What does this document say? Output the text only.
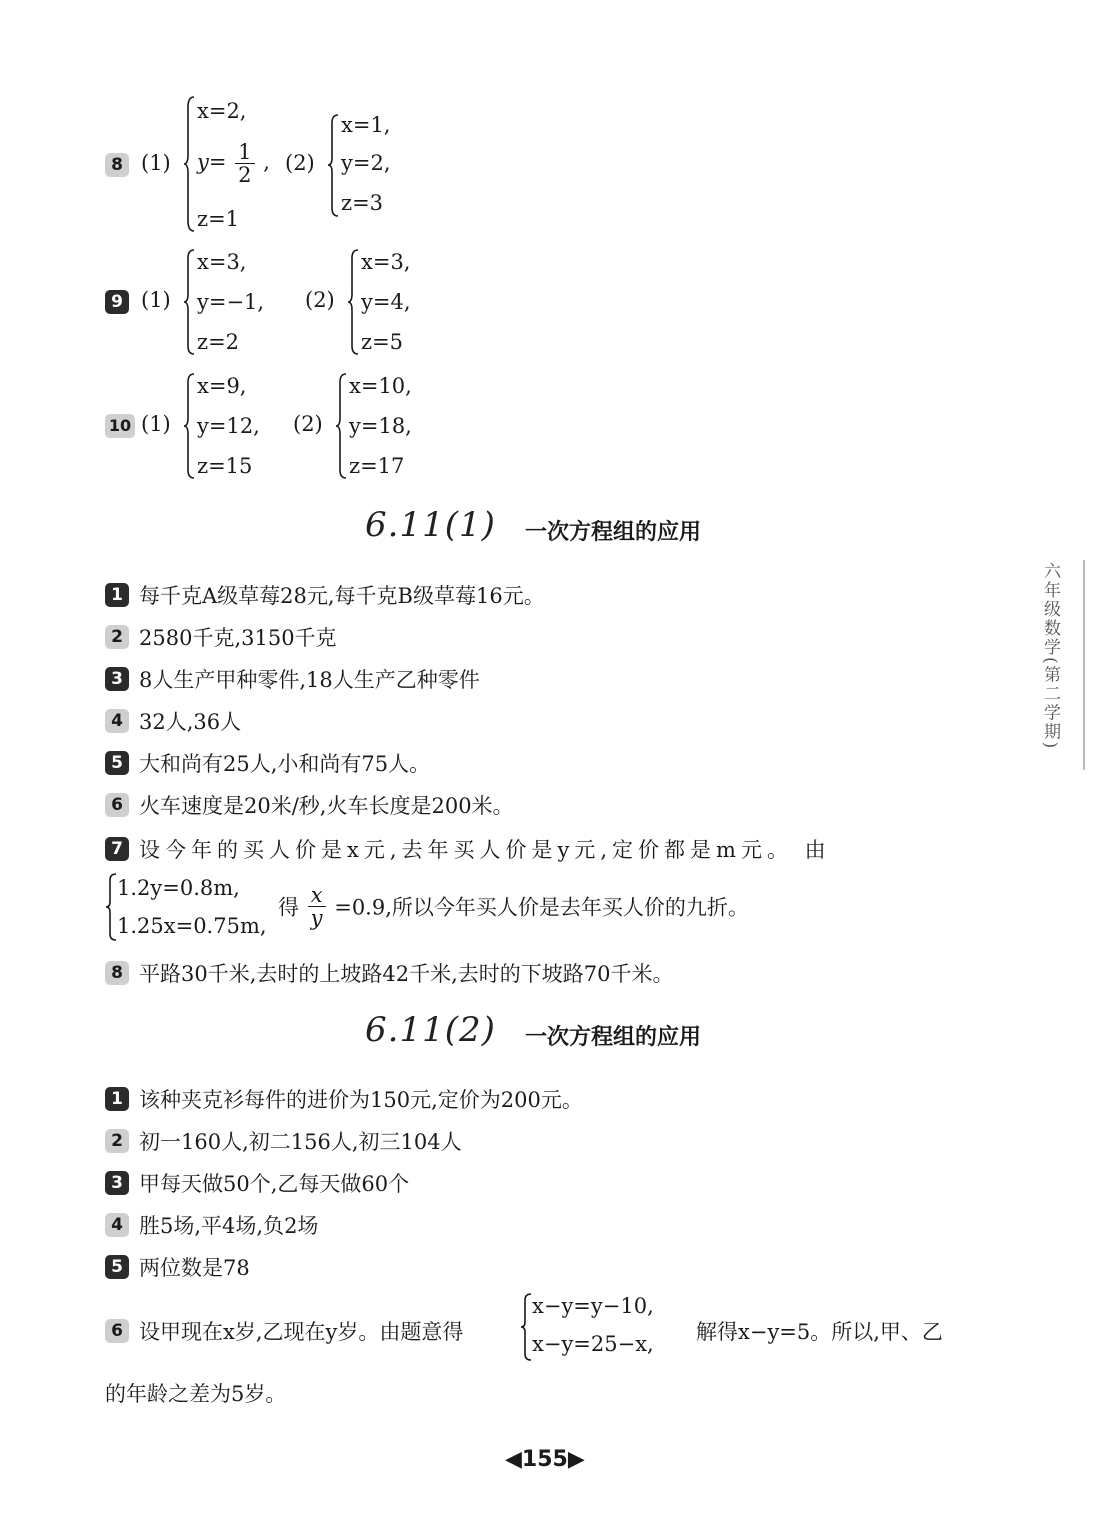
8 (1)
x=2,
$y= \frac{1}{2}$ ,
z=1
(2)
x=1,
y=2,
z=3
9 (1)
x=3,
y=−1,
z=2
(2)
x=3,
y=4,
z=5
10 (1)
x=9,
y=12,
z=15
(2)
x=10,
y=18,
z=17
6.11(1) 一次方程组的应用
1 每千克A级草莓28元,每千克B级草莓16元。
2 2580千克,3150千克
3 8人生产甲种零件,18人生产乙种零件
4 32人,36人
5 大和尚有25人,小和尚有75人。
6 火车速度是20米/秒,火车长度是200米。
7 设今年的买人价是x元,去年买人价是y元,定价都是m元。 由
1.2y=0.8m,
1.25x=0.75m,
得 $\frac{x}{y} =0.9$,所以今年买人价是去年买人价的九折。
8 平路30千米,去时的上坡路42千米,去时的下坡路70千米。
6.11(2) 一次方程组的应用
1 该种夹克衫每件的进价为150元,定价为200元。
2 初一160人,初二156人,初三104人
3 甲每天做50个,乙每天做60个
4 胜5场,平4场,负2场
5 两位数是78
6 设甲现在x岁,乙现在y岁。由题意得
x−y=y−10,
x−y=25−x, 解得x−y=5。所以,甲、乙
的年龄之差为5岁。
六年级数学(第二学期)
◀155▶
